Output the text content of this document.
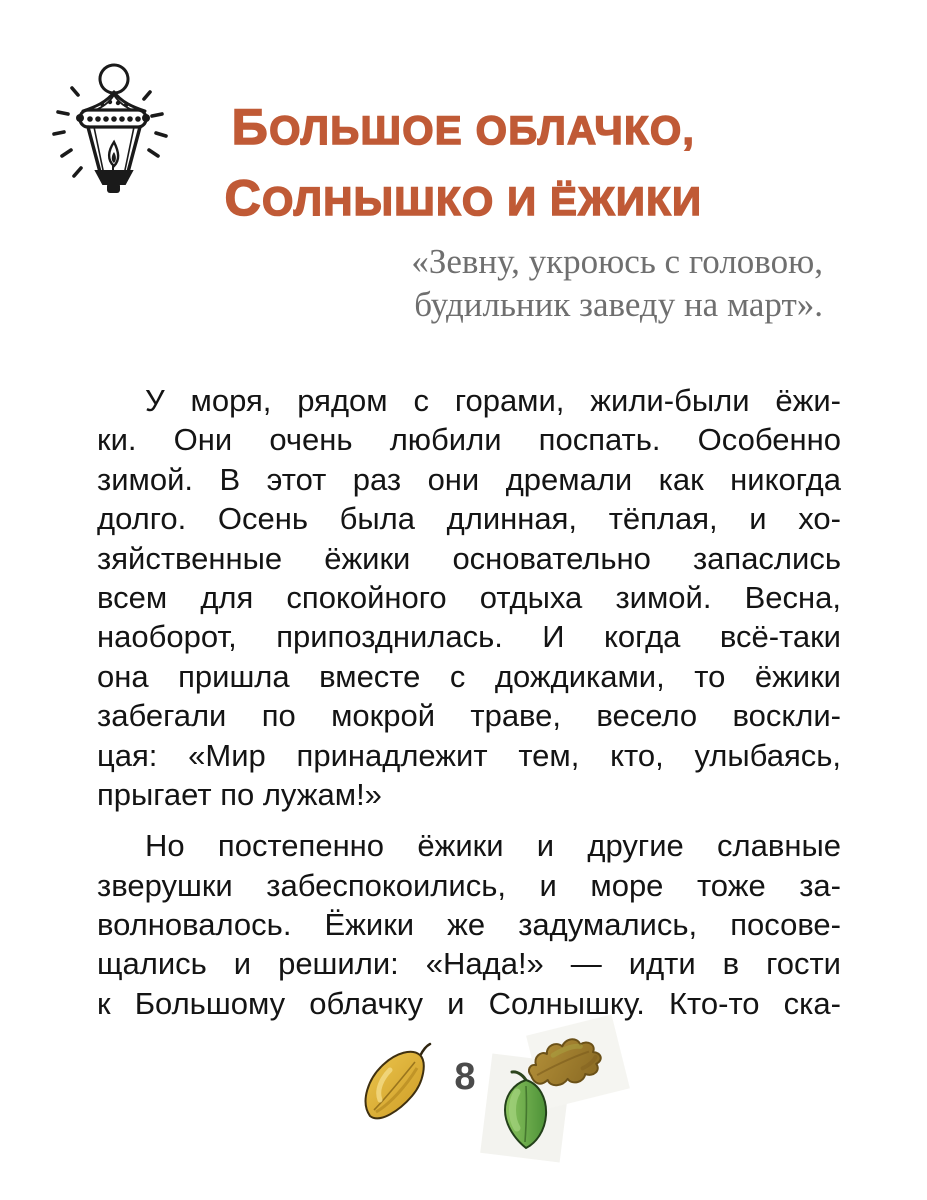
БОЛЬШОЕ ОБЛАЧКО,
СОЛНЫШКО И ЁЖИКИ
«Зевну, укроюсь с головою,
будильник заведу на март».
У моря, рядом с горами, жили-были ёжи-
ки. Они очень любили поспать. Особенно
зимой. В этот раз они дремали как никогда
долго. Осень была длинная, тёплая, и хо-
зяйственные ёжики основательно запаслись
всем для спокойного отдыха зимой. Весна,
наоборот, припозднилась. И когда всё-таки
она пришла вместе с дождиками, то ёжики
забегали по мокрой траве, весело воскли-
цая: «Мир принадлежит тем, кто, улыбаясь,
прыгает по лужам!»
Но постепенно ёжики и другие славные
зверушки забеспокоились, и море тоже за-
волновалось. Ёжики же задумались, посове-
щались и решили: «Нада!» — идти в гости
к Большому облачку и Солнышку. Кто-то ска-
8
